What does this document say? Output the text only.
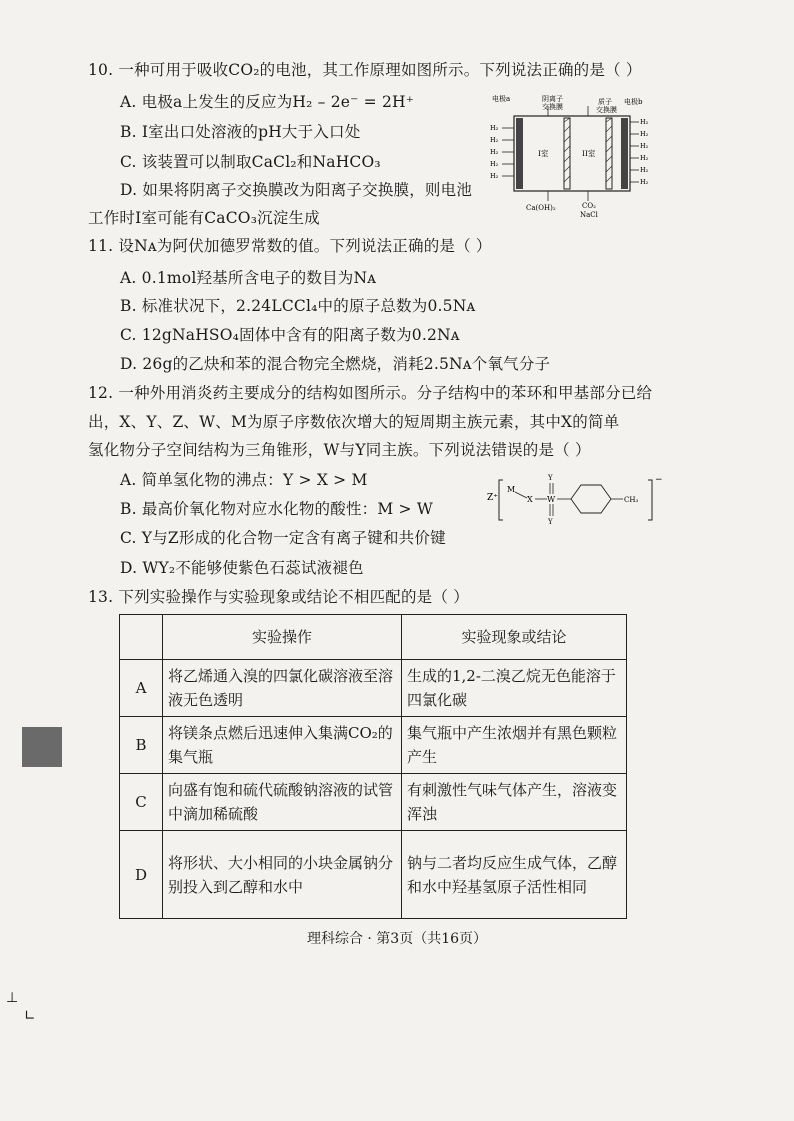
10. 一种可用于吸收CO₂的电池，其工作原理如图所示。下列说法正确的是（ ）
A. 电极a上发生的反应为H₂ – 2e⁻ = 2H⁺
B. I室出口处溶液的pH大于入口处
C. 该装置可以制取CaCl₂和NaHCO₃
D. 如果将阴离子交换膜改为阳离子交换膜，则电池
工作时I室可能有CaCO₃沉淀生成
电极a	阴离子
交换膜
质子
交换膜
电极b
H₂
H₂
H₂
H₂
H₂
H₂
H₂
H₂
H₂
H₂
H₂
I室	II室
Ca(OH)₂	CO₂
NaCl
11. 设Nᴀ为阿伏加德罗常数的值。下列说法正确的是（ ）
A. 0.1mol羟基所含电子的数目为Nᴀ
B. 标准状况下，2.24LCCl₄中的原子总数为0.5Nᴀ
C. 12gNaHSO₄固体中含有的阳离子数为0.2Nᴀ
D. 26g的乙炔和苯的混合物完全燃烧，消耗2.5Nᴀ个氧气分子
12. 一种外用消炎药主要成分的结构如图所示。分子结构中的苯环和甲基部分已给
出，X、Y、Z、W、M为原子序数依次增大的短周期主族元素，其中X的简单
氢化物分子空间结构为三角锥形，W与Y同主族。下列说法错误的是（ ）
A. 简单氢化物的沸点：Y > X > M
B. 最高价氧化物对应水化物的酸性：M > W
C. Y与Z形成的化合物一定含有离子键和共价键
D. WY₂不能够使紫色石蕊试液褪色
Z⁺
−
M
X W
Y
Y
CH₃
13. 下列实验操作与实验现象或结论不相匹配的是（ ）
	实验操作	实验现象或结论
A	将乙烯通入溴的四氯化碳溶液至溶液无色透明	生成的1,2-二溴乙烷无色能溶于四氯化碳
B	将镁条点燃后迅速伸入集满CO₂的集气瓶	集气瓶中产生浓烟并有黑色颗粒产生
C	向盛有饱和硫代硫酸钠溶液的试管中滴加稀硫酸	有刺激性气味气体产生，溶液变浑浊
D	将形状、大小相同的小块金属钠分别投入到乙醇和水中	钠与二者均反应生成气体，乙醇和水中羟基氢原子活性相同
理科综合 · 第3页（共16页）
⊥
∟
